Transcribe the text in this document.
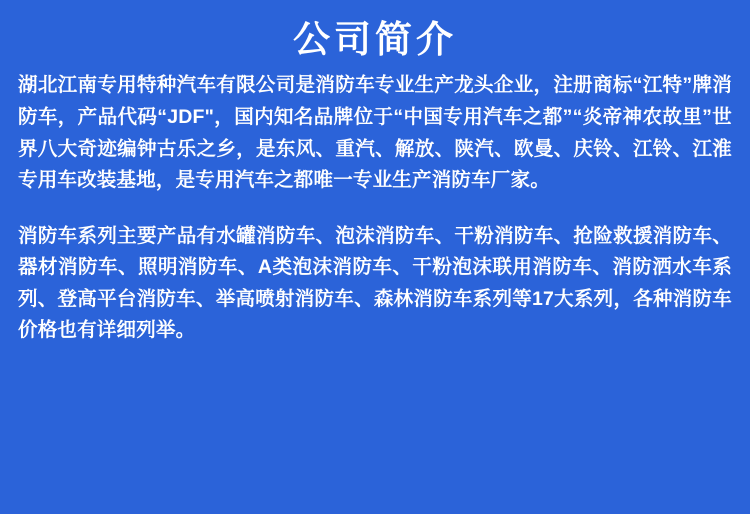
公司简介

湖北江南专用特种汽车有限公司是消防车专业生产龙头企业，注册商标“江特”牌消防车，产品代码“JDF"，国内知名品牌位于“中国专用汽车之都”“炎帝神农故里”世界八大奇迹编钟古乐之乡，是东风、重汽、解放、陕汽、欧曼、庆铃、江铃、江淮专用车改装基地，是专用汽车之都唯一专业生产消防车厂家。

消防车系列主要产品有水罐消防车、泡沫消防车、干粉消防车、抢险救援消防车、器材消防车、照明消防车、A类泡沫消防车、干粉泡沫联用消防车、消防洒水车系列、登高平台消防车、举高喷射消防车、森林消防车系列等17大系列，各种消防车价格也有详细列举。
